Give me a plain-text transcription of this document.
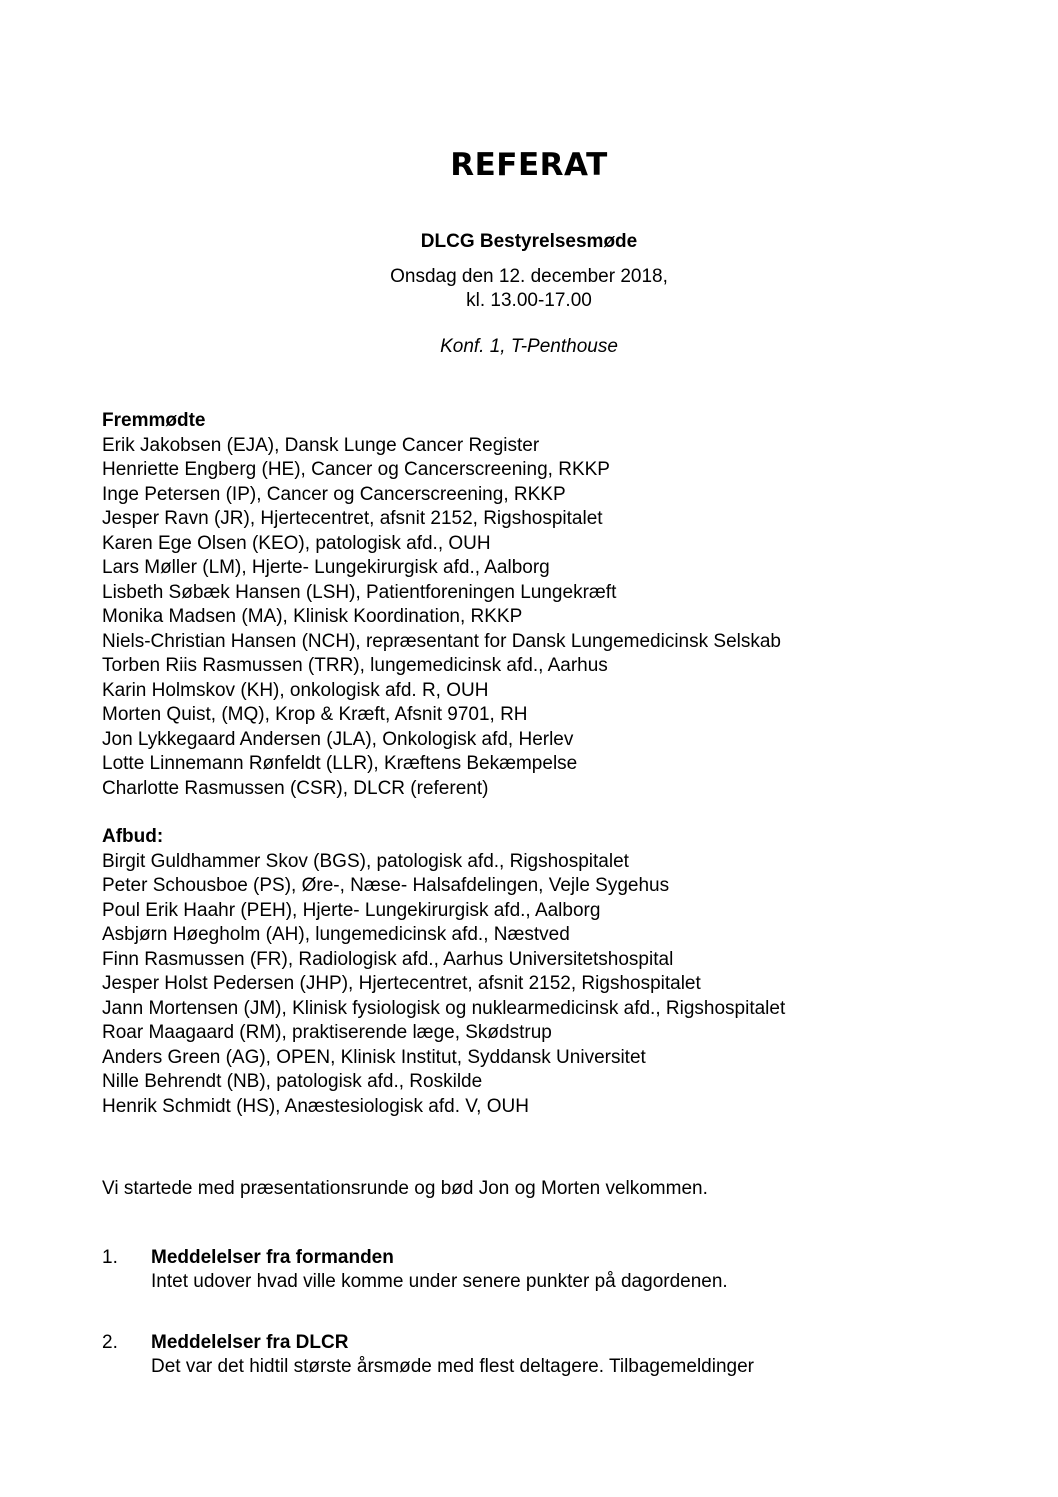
REFERAT

DLCG Bestyrelsesmøde

Onsdag den 12. december 2018,

kl. 13.00-17.00

Konf. 1, T-Penthouse

Fremmødte
Erik Jakobsen (EJA), Dansk Lunge Cancer Register
Henriette Engberg (HE), Cancer og Cancerscreening, RKKP
Inge Petersen (IP), Cancer og Cancerscreening, RKKP
Jesper Ravn (JR), Hjertecentret, afsnit 2152, Rigshospitalet
Karen Ege Olsen (KEO), patologisk afd., OUH
Lars Møller (LM), Hjerte- Lungekirurgisk afd., Aalborg
Lisbeth Søbæk Hansen (LSH), Patientforeningen Lungekræft
Monika Madsen (MA), Klinisk Koordination, RKKP
Niels-Christian Hansen (NCH), repræsentant for Dansk Lungemedicinsk Selskab
Torben Riis Rasmussen (TRR), lungemedicinsk afd., Aarhus
Karin Holmskov (KH), onkologisk afd. R, OUH
Morten Quist, (MQ), Krop & Kræft, Afsnit 9701, RH
Jon Lykkegaard Andersen (JLA), Onkologisk afd, Herlev
Lotte Linnemann Rønfeldt (LLR), Kræftens Bekæmpelse
Charlotte Rasmussen (CSR), DLCR (referent)
Afbud:
Birgit Guldhammer Skov (BGS), patologisk afd., Rigshospitalet
Peter Schousboe (PS), Øre-, Næse- Halsafdelingen, Vejle Sygehus
Poul Erik Haahr (PEH), Hjerte- Lungekirurgisk afd., Aalborg
Asbjørn Høegholm (AH), lungemedicinsk afd., Næstved
Finn Rasmussen (FR), Radiologisk afd., Aarhus Universitetshospital
Jesper Holst Pedersen (JHP), Hjertecentret, afsnit 2152, Rigshospitalet
Jann Mortensen (JM), Klinisk fysiologisk og nuklearmedicinsk afd., Rigshospitalet
Roar Maagaard (RM), praktiserende læge, Skødstrup
Anders Green (AG), OPEN, Klinisk Institut, Syddansk Universitet
Nille Behrendt (NB), patologisk afd., Roskilde
Henrik Schmidt (HS), Anæstesiologisk afd. V, OUH

Vi startede med præsentationsrunde og bød Jon og Morten velkommen.

1. Meddelelser fra formanden
Intet udover hvad ville komme under senere punkter på dagordenen.
2. Meddelelser fra DLCR
Det var det hidtil største årsmøde med flest deltagere. Tilbagemeldinger
